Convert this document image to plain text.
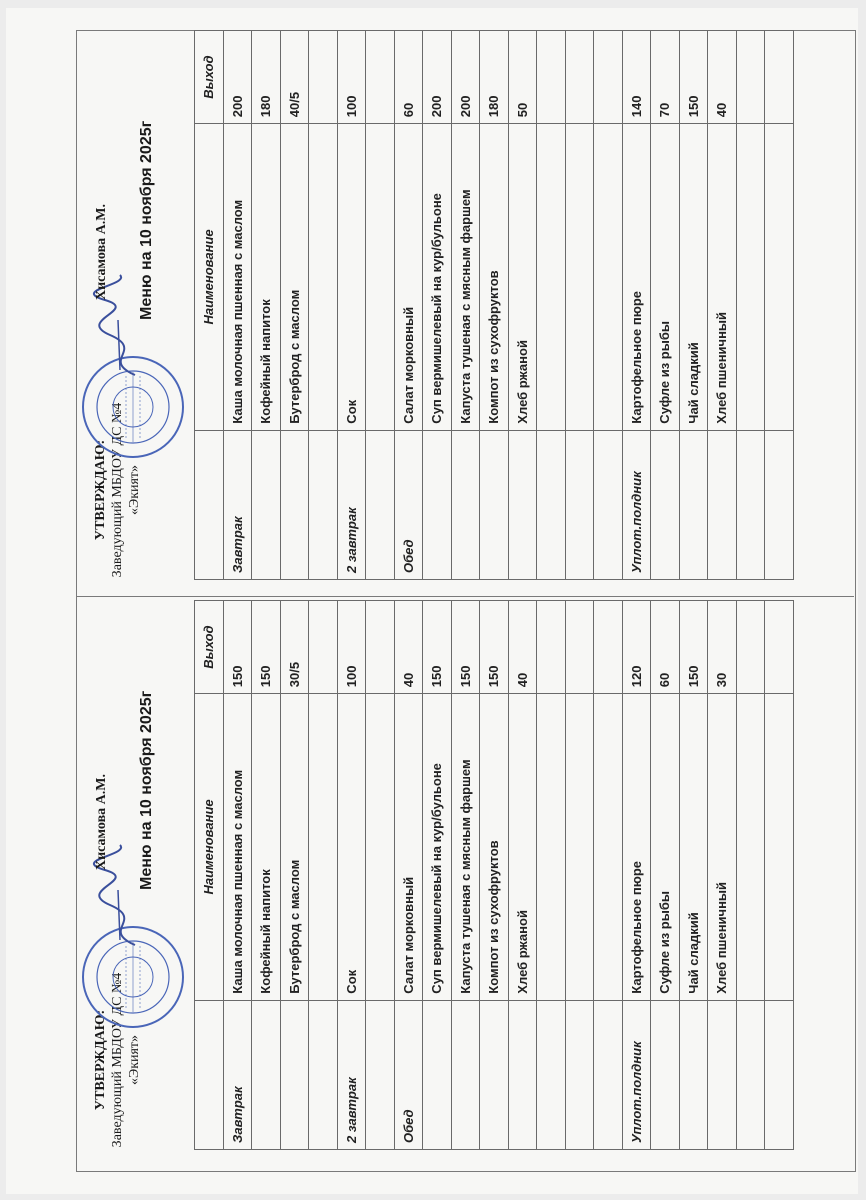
УТВЕРЖДАЮ: Заведующий МБДОУ ДС №4 «Экият»
Хисамова А.М. Меню на 10 ноября 2025г
		Наименование	Выход
Завтрак	Каша молочная пшенная с маслом	150
	Кофейный напиток	150
	Бутерброд с маслом	30/5

2 завтрак	Сок	100

Обед	Салат морковный	40
	Суп вермишелевый на кур/бульоне	150
	Капуста тушеная с мясным фаршем	150
	Компот из сухофруктов	150
	Хлеб ржаной	40

Уплот.полдник	Картофельное пюре	120
	Суфле из рыбы	60
	Чай сладкий	150
	Хлеб пшеничный	30

УТВЕРЖДАЮ: Заведующий МБДОУ ДС №4 «Экият»
Хисамова А.М. Меню на 10 ноября 2025г
		Наименование	Выход
Завтрак	Каша молочная пшенная с маслом	200
	Кофейный напиток	180
	Бутерброд с маслом	40/5

2 завтрак	Сок	100

Обед	Салат морковный	60
	Суп вермишелевый на кур/бульоне	200
	Капуста тушеная с мясным фаршем	200
	Компот из сухофруктов	180
	Хлеб ржаной	50

Уплот.полдник	Картофельное пюре	140
	Суфле из рыбы	70
	Чай сладкий	150
	Хлеб пшеничный	40
